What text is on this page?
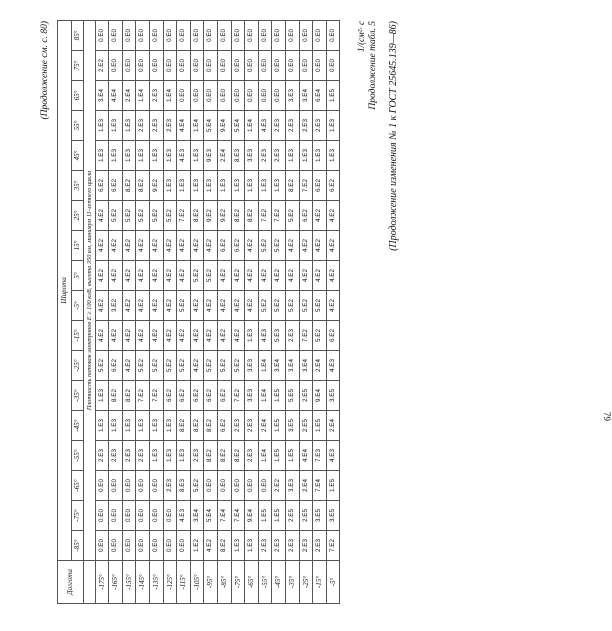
(Продолжение изменения № 1 к ГОСТ 25645.139—86)
Продолжение табл. 5
1/(см²· с
Долгота	Широта																	
	-85°	-75°	-65°	-55°	-45°	-35°	-25°	-15°	-5°	5°	15°	25°	35°	45°	55°	65°	75°	85°
	Плотность потоков электронов Е ≥ 100 кэВ, высота 350 км, минимум 11-летнего цикла																	
-175°	0.E0	0.E0	0.E0	2.E3	1.E3	1.E3	5.E2	4.E2	4.E2	4.E2	4.E2	4.E2	6.E2	1.E3	1.E3	3.E4	2.E2	0.E0
-165°	0.E0	0.E0	0.E0	2.E3	1.E3	8.E2	6.E2	4.E2	3.E2	4.E2	4.E2	5.E2	6.E2	1.E3	1.E3	4.E4	0.E0	0.E0
-155°	0.E0	0.E0	0.E0	2.E3	1.E3	8.E2	4.E2	4.E2	4.E2	4.E2	4.E2	5.E2	8.E2	1.E3	1.E3	2.E4	0.E0	0.E0
-145°	0.E0	0.E0	0.E0	2.E3	1.E3	7.E2	5.E2	4.E2	4.E2	4.E2	4.E2	5.E2	8.E2	1.E3	2.E3	1.E4	0.E0	0.E0
-135°	0.E0	0.E0	0.E0	1.E3	1.E3	7.E2	5.E2	4.E2	4.E2	4.E2	4.E2	5.E2	9.E2	1.E3	2.E3	2.E3	0.E0	0.E0
-125°	0.E0	0.E0	2.E3	1.E3	1.E3	6.E2	5.E2	4.E2	4.E2	4.E2	4.E2	5.E2	1.E3	1.E3	2.E3	1.E4	0.E0	0.E0
-115°	0.E0	4.E3	8.E3	1.E3	8.E2	6.E2	5.E2	4.E2	5.E2	4.E2	4.E2	7.E2	1.E3	4.E3	4.E4	0.E0	0.E0	0.E0
-105°	1.E2	3.E4	5.E2	2.E3	8.E2	6.E2	4.E2	4.E2	4.E2	5.E2	4.E2	8.E2	1.E3	1.E3	1.E4	0.E0	0.E0	0.E0
-95°	4.E2	5.E4	0.E0	8.E2	8.E2	6.E2	5.E2	4.E2	4.E2	5.E2	4.E2	9.E2	1.E3	9.E3	5.E4	0.E0	0.E0	0.E0
-85°	8.E2	7.E4	0.E0	8.E2	6.E2	6.E2	5.E2	4.E2	4.E2	4.E2	6.E2	9.E2	1.E3	2.E4	9.E4	0.E0	0.E0	0.E0
-75°	1.E3	7.E4	0.E0	8.E2	2.E3	7.E2	5.E2	4.E2	4.E2	4.E2	6.E2	8.E2	1.E3	8.E3	5.E4	0.E0	0.E0	0.E0
-65°	1.E3	9.E4	0.E0	2.E3	2.E3	3.E3	3.E3	1.E3	4.E2	4.E2	4.E2	8.E2	1.E3	3.E3	1.E4	0.E0	0.E0	0.E0
-55°	2.E3	1.E5	0.E0	1.E4	2.E4	1.E4	1.E4	4.E3	5.E2	4.E2	5.E2	7.E2	1.E3	2.E3	4.E3	0.E0	0.E0	0.E0
-45°	2.E3	1.E5	2.E2	1.E5	1.E5	1.E5	3.E4	5.E3	5.E2	4.E2	5.E2	7.E2	1.E3	2.E3	2.E3	0.E0	0.E0	0.E0
-35°	2.E3	2.E5	3.E3	1.E5	3.E5	5.E5	3.E4	2.E3	5.E2	4.E2	4.E2	5.E2	8.E2	1.E3	2.E3	3.E3	0.E0	0.E0
-25°	2.E3	2.E5	2.E4	4.E4	2.E5	2.E5	3.E4	7.E2	5.E2	4.E2	4.E2	6.E2	7.E2	1.E3	2.E3	3.E4	0.E0	0.E0
-15°	2.E3	3.E5	7.E4	7.E3	1.E5	9.E4	2.E4	5.E2	5.E2	4.E2	4.E2	4.E2	6.E2	1.E3	2.E3	6.E4	0.E0	0.E0
-5°	7.E2	3.E5	1.E5	4.E3	2.E4	3.E5	4.E3	6.E2	4.E2	4.E2	4.E2	4.E2	6.E2	1.E3	1.E3	1.E5	0.E0	0.E0
(Продолжение см. с. 80)
79
